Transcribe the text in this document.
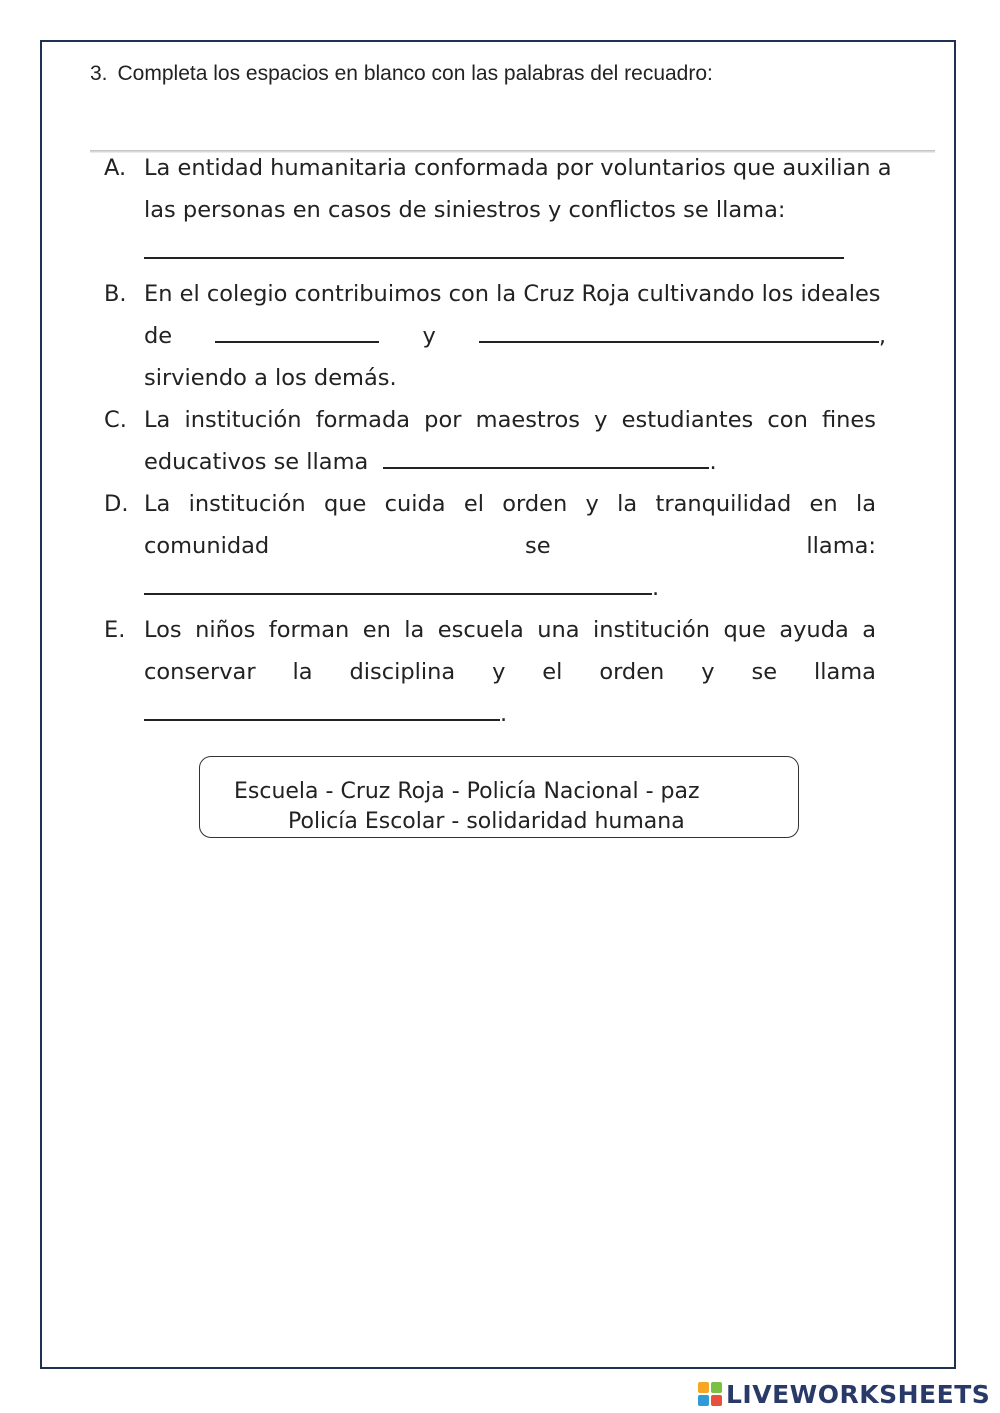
3. Completa los espacios en blanco con las palabras del recuadro:
A. La entidad humanitaria conformada por voluntarios que auxilian a
las personas en casos de siniestros y conflictos se llama:
B. En el colegio contribuimos con la Cruz Roja cultivando los ideales
de	y	,
sirviendo a los demás.
C. La institución formada por maestros y estudiantes con fines
educativos se llama	.
D. La institución que cuida el orden y la tranquilidad en la
comunidad	se	llama:
.
E. Los niños forman en la escuela una institución que ayuda a
conservar la disciplina y el orden y se llama
.
Escuela - Cruz Roja - Policía Nacional - paz
Policía Escolar - solidaridad humana
LIVEWORKSHEETS
